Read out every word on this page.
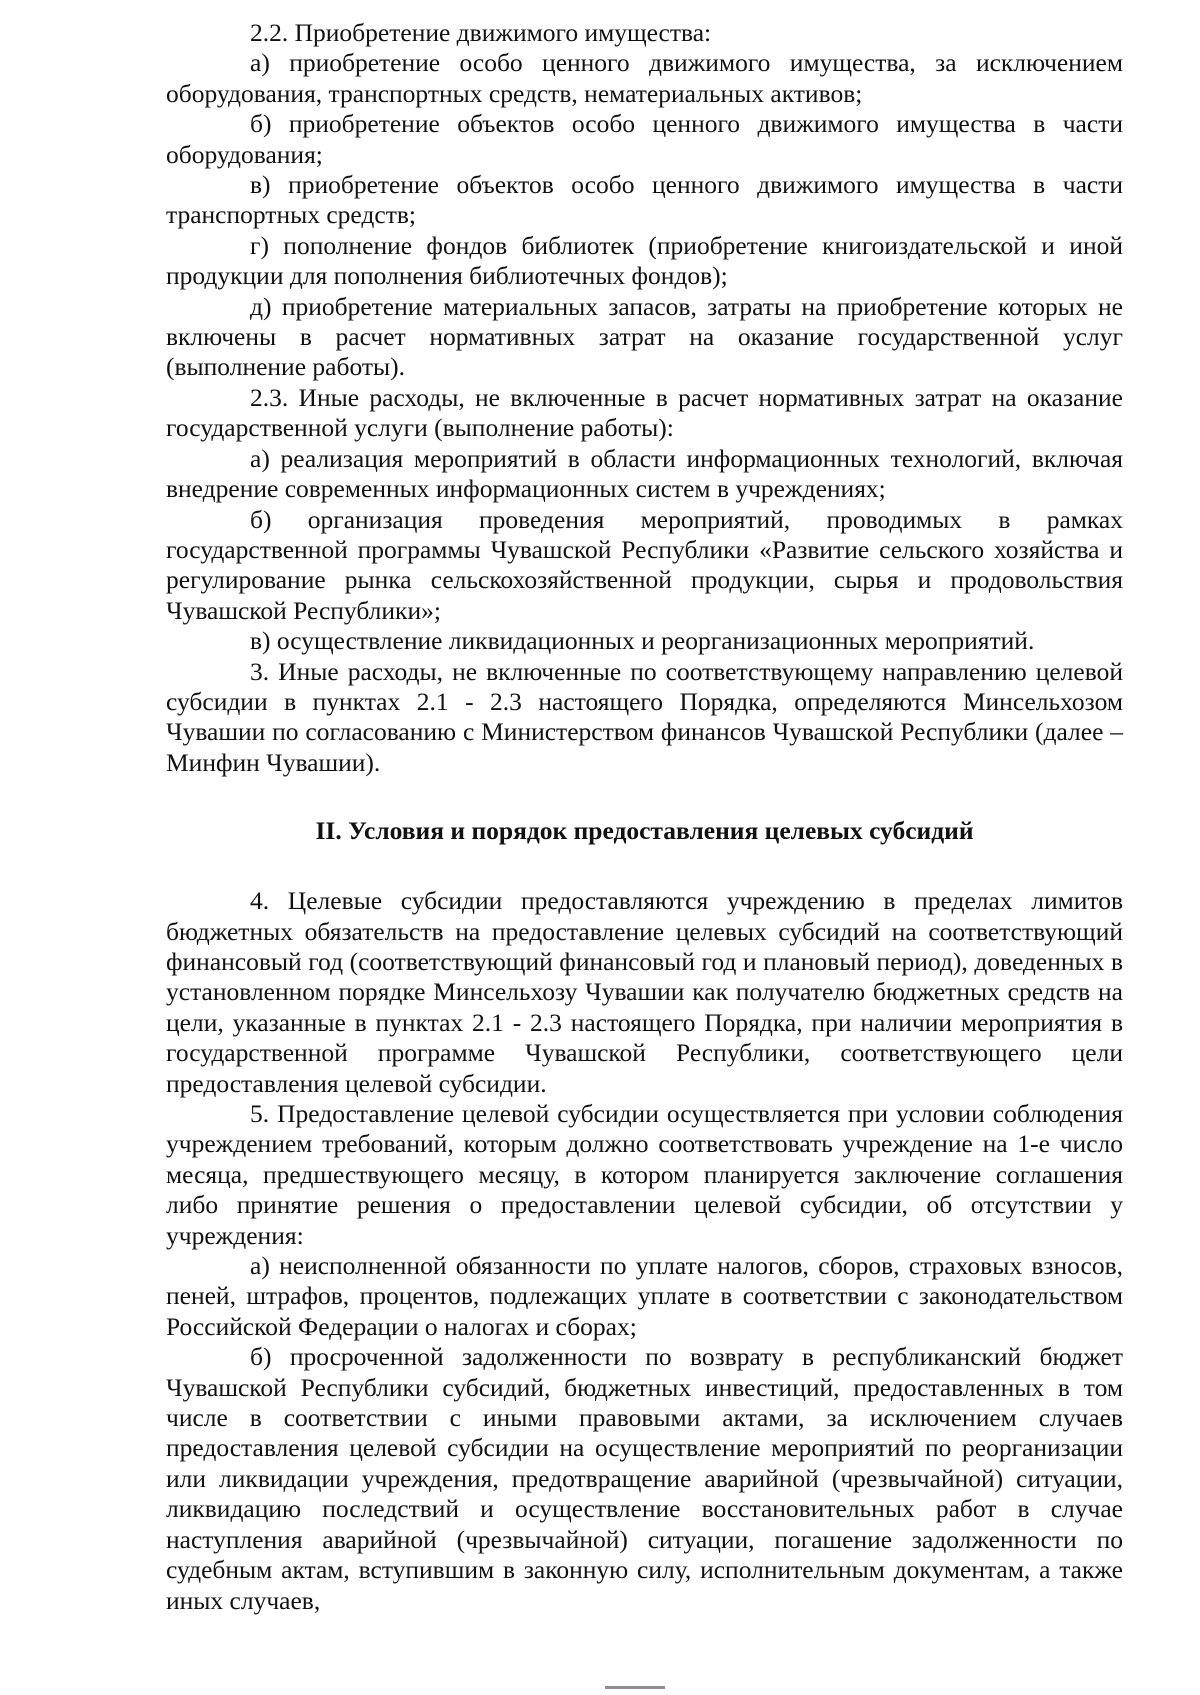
2.2. Приобретение движимого имущества:

а) приобретение особо ценного движимого имущества, за исключением оборудования, транспортных средств, нематериальных активов;

б) приобретение объектов особо ценного движимого имущества в части оборудования;

в) приобретение объектов особо ценного движимого имущества в части транспортных средств;

г) пополнение фондов библиотек (приобретение книгоиздательской и иной продукции для пополнения библиотечных фондов);

д) приобретение материальных запасов, затраты на приобретение которых не включены в расчет нормативных затрат на оказание государственной услуг (выполнение работы).

2.3. Иные расходы, не включенные в расчет нормативных затрат на оказание государственной услуги (выполнение работы):

а) реализация мероприятий в области информационных технологий, включая внедрение современных информационных систем в учреждениях;

б) организация проведения мероприятий, проводимых в рамках государственной программы Чувашской Республики «Развитие сельского хозяйства и регулирование рынка сельскохозяйственной продукции, сырья и продовольствия Чувашской Республики»;

в) осуществление ликвидационных и реорганизационных мероприятий.

3. Иные расходы, не включенные по соответствующему направлению целевой субсидии в пунктах 2.1 - 2.3 настоящего Порядка, определяются Минсельхозом Чувашии по согласованию с Министерством финансов Чувашской Республики (далее – Минфин Чувашии).

II. Условия и порядок предоставления целевых субсидий

4. Целевые субсидии предоставляются учреждению в пределах лимитов бюджетных обязательств на предоставление целевых субсидий на соответствующий финансовый год (соответствующий финансовый год и плановый период), доведенных в установленном порядке Минсельхозу Чувашии как получателю бюджетных средств на цели, указанные в пунктах 2.1 - 2.3 настоящего Порядка, при наличии мероприятия в государственной программе Чувашской Республики, соответствующего цели предоставления целевой субсидии.

5. Предоставление целевой субсидии осуществляется при условии соблюдения учреждением требований, которым должно соответствовать учреждение на 1-е число месяца, предшествующего месяцу, в котором планируется заключение соглашения либо принятие решения о предоставлении целевой субсидии, об отсутствии у учреждения:

а) неисполненной обязанности по уплате налогов, сборов, страховых взносов, пеней, штрафов, процентов, подлежащих уплате в соответствии с законодательством Российской Федерации о налогах и сборах;

б) просроченной задолженности по возврату в республиканский бюджет Чувашской Республики субсидий, бюджетных инвестиций, предоставленных в том числе в соответствии с иными правовыми актами, за исключением случаев предоставления целевой субсидии на осуществление мероприятий по реорганизации или ликвидации учреждения, предотвращение аварийной (чрезвычайной) ситуации, ликвидацию последствий и осуществление восстановительных работ в случае наступления аварийной (чрезвычайной) ситуации, погашение задолженности по судебным актам, вступившим в законную силу, исполнительным документам, а также иных случаев,
